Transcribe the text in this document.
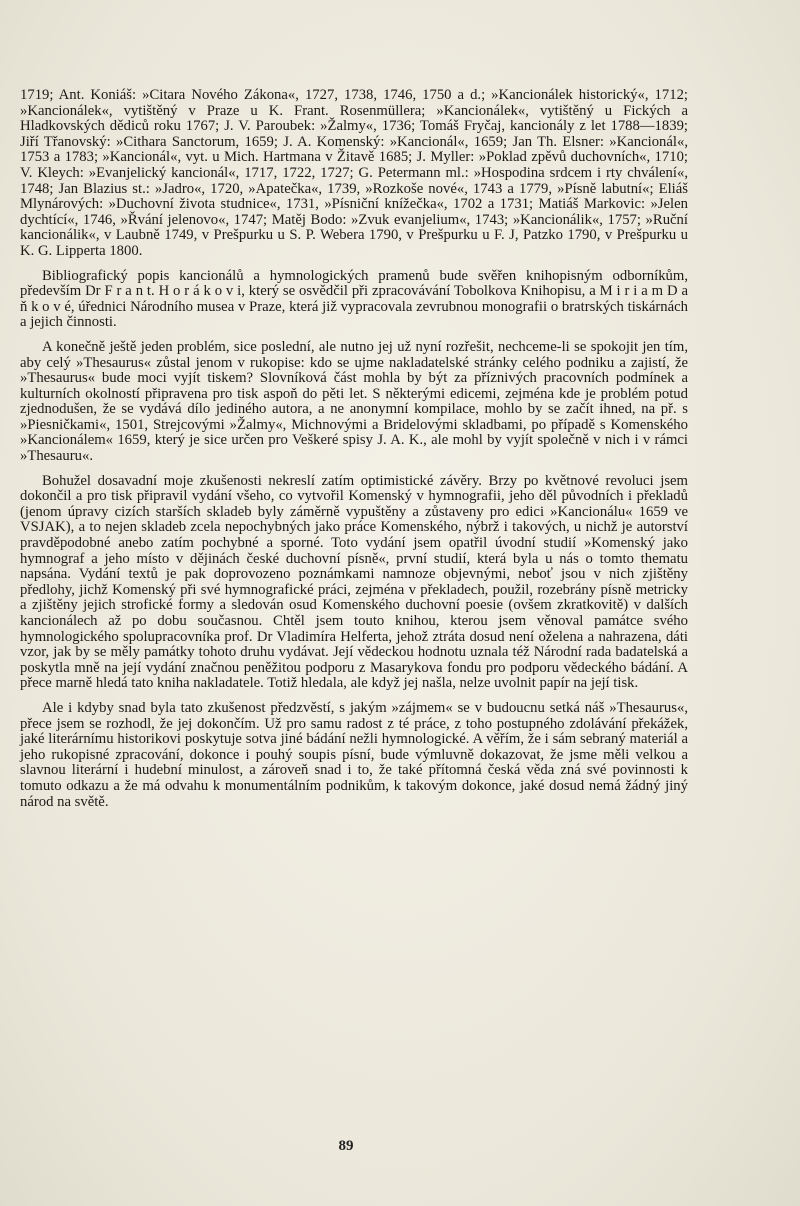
1719; Ant. Koniáš: »Citara Nového Zákona«, 1727, 1738, 1746, 1750 a d.; »Kancionálek historický«, 1712; »Kancionálek«, vytištěný v Praze u K. Frant. Rosenmüllera; »Kancionálek«, vytištěný u Fických a Hladkovských dědiců roku 1767; J. V. Paroubek: »Žalmy«, 1736; Tomáš Fryčaj, kancionály z let 1788—1839; Jiří Třanovský: »Cithara Sanctorum, 1659; J. A. Komenský: »Kancionál«, 1659; Jan Th. Elsner: »Kancionál«, 1753 a 1783; »Kancionál«, vyt. u Mich. Hartmana v Žitavě 1685; J. Myller: »Poklad zpěvů duchovních«, 1710; V. Kleych: »Evanjelický kancionál«, 1717, 1722, 1727; G. Petermann ml.: »Hospodina srdcem i rty chválení«, 1748; Jan Blazius st.: »Jadro«, 1720, »Apatečka«, 1739, »Rozkoše nové«, 1743 a 1779, »Písně labutní«; Eliáš Mlynárových: »Duchovní života studnice«, 1731, »Písniční knížečka«, 1702 a 1731; Matiáš Markovic: »Jelen dychtící«, 1746, »Řvání jelenovo«, 1747; Matěj Bodo: »Zvuk evanjelium«, 1743; »Kancionálik«, 1757; »Ruční kancionálik«, v Laubně 1749, v Prešpurku u S. P. Webera 1790, v Prešpurku u F. J, Patzko 1790, v Prešpurku u K. G. Lipperta 1800.

Bibliografický popis kancionálů a hymnologických pramenů bude svěřen knihopisným odborníkům, především Dr F r a n t. H o r á k o v i, který se osvědčil při zpracovávání Tobolkova Knihopisu, a M i r i a m D a ň k o v é, úřednici Národního musea v Praze, která již vypracovala zevrubnou monografii o bratrských tiskárnách a jejich činnosti.

A konečně ještě jeden problém, sice poslední, ale nutno jej už nyní rozřešit, nechceme-li se spokojit jen tím, aby celý »Thesaurus« zůstal jenom v rukopise: kdo se ujme nakladatelské stránky celého podniku a zajistí, že »Thesaurus« bude moci vyjít tiskem? Slovníková část mohla by být za příznivých pracovních podmínek a kulturních okolností připravena pro tisk aspoň do pěti let. S některými edicemi, zejména kde je problém potud zjednodušen, že se vydává dílo jediného autora, a ne anonymní kompilace, mohlo by se začít ihned, na př. s »Piesničkami«, 1501, Strejcovými »Žalmy«, Michnovými a Bridelovými skladbami, po případě s Komenského »Kancionálem« 1659, který je sice určen pro Veškeré spisy J. A. K., ale mohl by vyjít společně v nich i v rámci »Thesauru«.

Bohužel dosavadní moje zkušenosti nekreslí zatím optimistické závěry. Brzy po květnové revoluci jsem dokončil a pro tisk připravil vydání všeho, co vytvořil Komenský v hymnografii, jeho děl původních i překladů (jenom úpravy cizích starších skladeb byly záměrně vypuštěny a zůstaveny pro edici »Kancionálu« 1659 ve VSJAK), a to nejen skladeb zcela nepochybných jako práce Komenského, nýbrž i takových, u nichž je autorství pravděpodobné anebo zatím pochybné a sporné. Toto vydání jsem opatřil úvodní studií »Komenský jako hymnograf a jeho místo v dějinách české duchovní písně«, první studií, která byla u nás o tomto thematu napsána. Vydání textů je pak doprovozeno poznámkami namnoze objevnými, neboť jsou v nich zjištěny předlohy, jichž Komenský při své hymnografické práci, zejména v překladech, použil, rozebrány písně metricky a zjištěny jejich strofické formy a sledován osud Komenského duchovní poesie (ovšem zkratkovitě) v dalších kancionálech až po dobu současnou. Chtěl jsem touto knihou, kterou jsem věnoval památce svého hymnologického spolupracovníka prof. Dr Vladimíra Helferta, jehož ztráta dosud není oželena a nahrazena, dáti vzor, jak by se měly památky tohoto druhu vydávat. Její vědeckou hodnotu uznala též Národní rada badatelská a poskytla mně na její vydání značnou peněžitou podporu z Masarykova fondu pro podporu vědeckého bádání. A přece marně hledá tato kniha nakladatele. Totiž hledala, ale když jej našla, nelze uvolnit papír na její tisk.

Ale i kdyby snad byla tato zkušenost předzvěstí, s jakým »zájmem« se v budoucnu setká náš »Thesaurus«, přece jsem se rozhodl, že jej dokončím. Už pro samu radost z té práce, z toho postupného zdolávání překážek, jaké literárnímu historikovi poskytuje sotva jiné bádání nežli hymnologické. A věřím, že i sám sebraný materiál a jeho rukopisné zpracování, dokonce i pouhý soupis písní, bude výmluvně dokazovat, že jsme měli velkou a slavnou literární i hudební minulost, a zároveň snad i to, že také přítomná česká věda zná své povinnosti k tomuto odkazu a že má odvahu k monumentálním podnikům, k takovým dokonce, jaké dosud nemá žádný jiný národ na světě.

89
